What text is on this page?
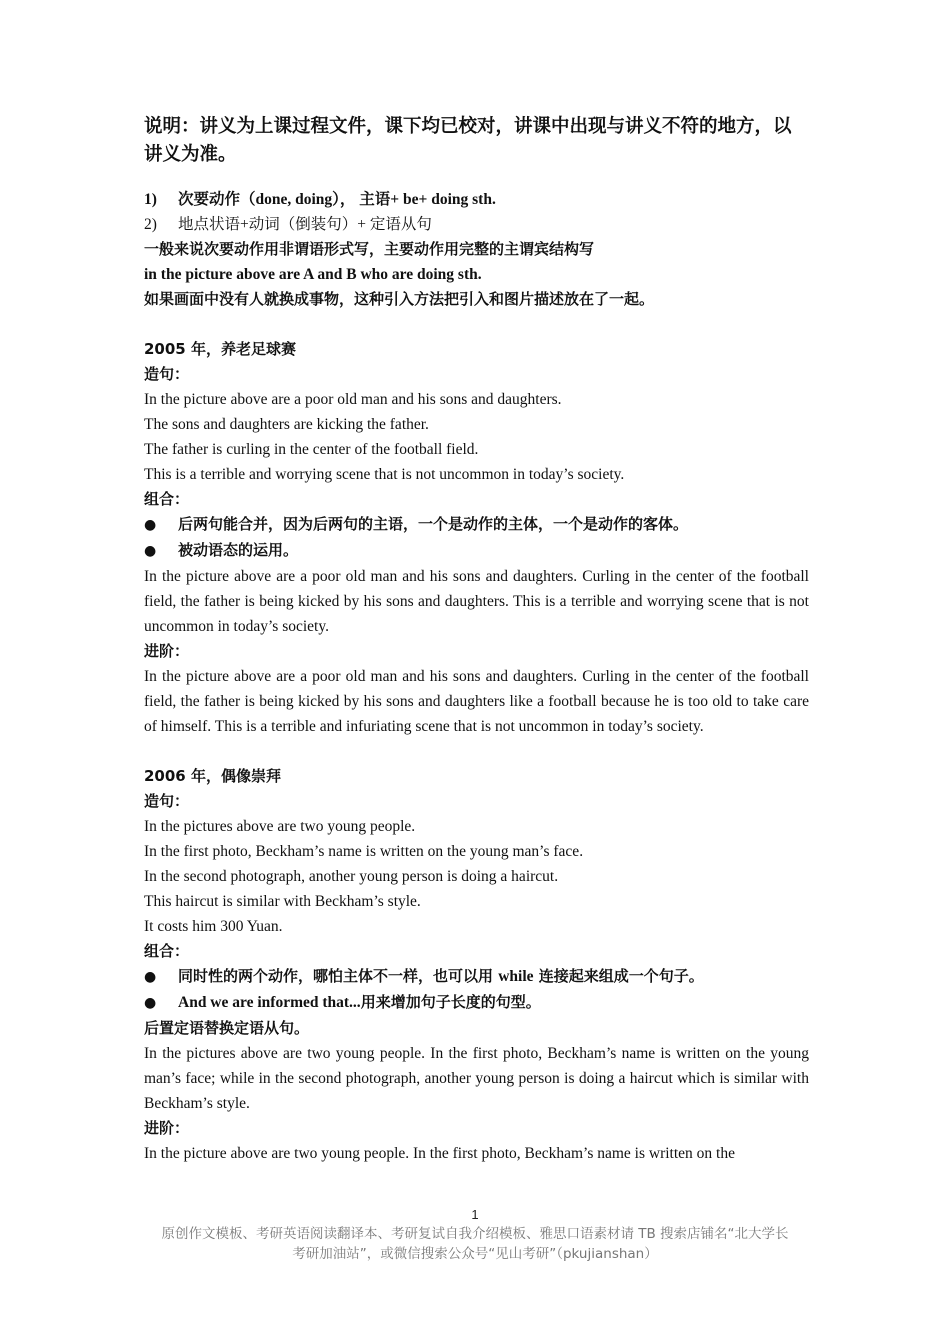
说明：讲义为上课过程文件，课下均已校对，讲课中出现与讲义不符的地方，以讲义为准。

1) 次要动作（done, doing）， 主语+ be+ doing sth.

2) 地点状语+动词（倒装句）+ 定语从句

一般来说次要动作用非谓语形式写，主要动作用完整的主谓宾结构写

in the picture above are A and B who are doing sth.

如果画面中没有人就换成事物，这种引入方法把引入和图片描述放在了一起。

2005 年，养老足球赛

造句：

In the picture above are a poor old man and his sons and daughters.

The sons and daughters are kicking the father.

The father is curling in the center of the football field.

This is a terrible and worrying scene that is not uncommon in today’s society.

组合：

● 后两句能合并，因为后两句的主语，一个是动作的主体，一个是动作的客体。

● 被动语态的运用。

In the picture above are a poor old man and his sons and daughters. Curling in the center of the football field, the father is being kicked by his sons and daughters. This is a terrible and worrying scene that is not uncommon in today’s society.

进阶：

In the picture above are a poor old man and his sons and daughters. Curling in the center of the football field, the father is being kicked by his sons and daughters like a football because he is too old to take care of himself. This is a terrible and infuriating scene that is not uncommon in today’s society.

2006 年，偶像崇拜

造句：

In the pictures above are two young people.

In the first photo, Beckham’s name is written on the young man’s face.

In the second photograph, another young person is doing a haircut.

This haircut is similar with Beckham’s style.

It costs him 300 Yuan.

组合：

● 同时性的两个动作，哪怕主体不一样，也可以用 while 连接起来组成一个句子。

● And we are informed that...用来增加句子长度的句型。

后置定语替换定语从句。

In the pictures above are two young people. In the first photo, Beckham’s name is written on the young man’s face; while in the second photograph, another young person is doing a haircut which is similar with Beckham’s style.

进阶：

In the picture above are two young people. In the first photo, Beckham’s name is written on the

1
原创作文模板、考研英语阅读翻译本、考研复试自我介绍模板、雅思口语素材请 TB 搜索店铺名“北大学长
考研加油站”，或微信搜索公众号“见山考研”（pkujianshan）
